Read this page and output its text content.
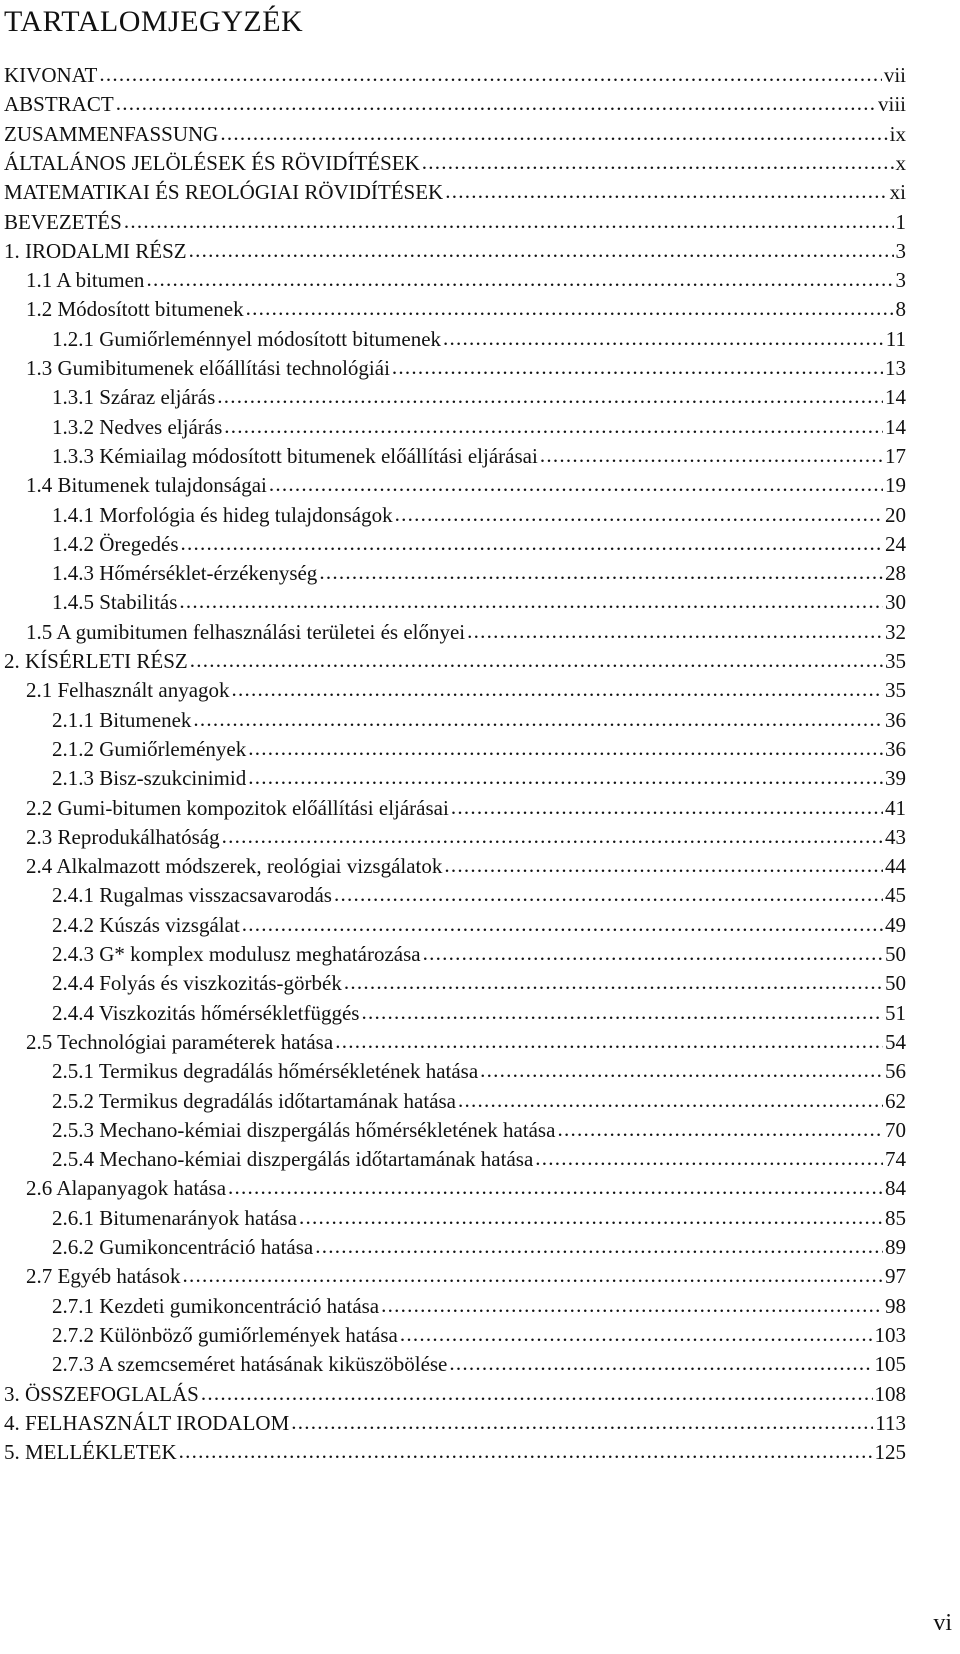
TARTALOMJEGYZÉK
KIVONAT . . .	vii
ABSTRACT . . .	viii
ZUSAMMENFASSUNG . . .	ix
ÁLTALÁNOS JELÖLÉSEK ÉS RÖVIDÍTÉSEK . . .	x
MATEMATIKAI ÉS REOLÓGIAI RÖVIDÍTÉSEK . . .	xi
BEVEZETÉS . . .	1
1. IRODALMI RÉSZ . . .	3
1.1 A bitumen . . .	3
1.2 Módosított bitumenek . . .	8
1.2.1 Gumiőrleménnyel módosított bitumenek . . .	11
1.3 Gumibitumenek előállítási technológiái . . .	13
1.3.1 Száraz eljárás . . .	14
1.3.2 Nedves eljárás . . .	14
1.3.3 Kémiailag módosított bitumenek előállítási eljárásai . . .	17
1.4 Bitumenek tulajdonságai . . .	19
1.4.1 Morfológia és hideg tulajdonságok . . .	20
1.4.2 Öregedés . . .	24
1.4.3 Hőmérséklet-érzékenység . . .	28
1.4.5 Stabilitás . . .	30
1.5 A gumibitumen felhasználási területei és előnyei . . .	32
2. KÍSÉRLETI RÉSZ . . .	35
2.1 Felhasznált anyagok . . .	35
2.1.1 Bitumenek . . .	36
2.1.2 Gumiőrlemények . . .	36
2.1.3 Bisz-szukcinimid . . .	39
2.2 Gumi-bitumen kompozitok előállítási eljárásai . . .	41
2.3 Reprodukálhatóság . . .	43
2.4 Alkalmazott módszerek, reológiai vizsgálatok . . .	44
2.4.1 Rugalmas visszacsavarodás . . .	45
2.4.2 Kúszás vizsgálat . . .	49
2.4.3 G* komplex modulusz meghatározása . . .	50
2.4.4 Folyás és viszkozitás-görbék . . .	50
2.4.4 Viszkozitás hőmérsékletfüggés . . .	51
2.5 Technológiai paraméterek hatása . . .	54
2.5.1 Termikus degradálás hőmérsékletének hatása . . .	56
2.5.2 Termikus degradálás időtartamának hatása . . .	62
2.5.3 Mechano-kémiai diszpergálás hőmérsékletének hatása . . .	70
2.5.4 Mechano-kémiai diszpergálás időtartamának hatása . . .	74
2.6 Alapanyagok hatása . . .	84
2.6.1 Bitumenarányok hatása . . .	85
2.6.2 Gumikoncentráció hatása . . .	89
2.7 Egyéb hatások . . .	97
2.7.1 Kezdeti gumikoncentráció hatása . . .	98
2.7.2 Különböző gumiőrlemények hatása . . .	103
2.7.3 A szemcseméret hatásának kiküszöbölése . . .	105
3. ÖSSZEFOGLALÁS . . .	108
4. FELHASZNÁLT IRODALOM . . .	113
5. MELLÉKLETEK . . .	125
vi
